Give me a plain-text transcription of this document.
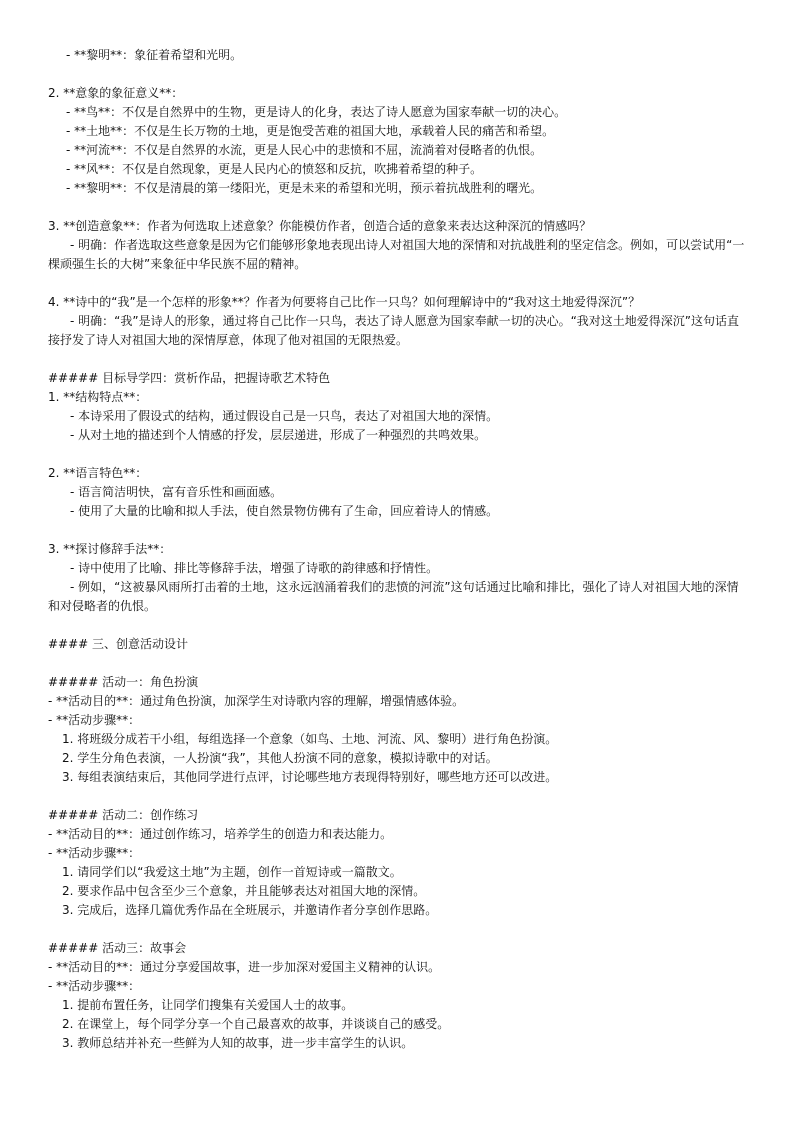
- **黎明**：象征着希望和光明。
2. **意象的象征意义**：
- **鸟**：不仅是自然界中的生物，更是诗人的化身，表达了诗人愿意为国家奉献一切的决心。
- **土地**：不仅是生长万物的土地，更是饱受苦难的祖国大地，承载着人民的痛苦和希望。
- **河流**：不仅是自然界的水流，更是人民心中的悲愤和不屈，流淌着对侵略者的仇恨。
- **风**：不仅是自然现象，更是人民内心的愤怒和反抗，吹拂着希望的种子。
- **黎明**：不仅是清晨的第一缕阳光，更是未来的希望和光明，预示着抗战胜利的曙光。
3. **创造意象**：作者为何选取上述意象？你能模仿作者，创造合适的意象来表达这种深沉的情感吗？
- 明确：作者选取这些意象是因为它们能够形象地表现出诗人对祖国大地的深情和对抗战胜利的坚定信念。例如，可以尝试用“一棵顽强生长的大树”来象征中华民族不屈的精神。
4. **诗中的“我”是一个怎样的形象**？作者为何要将自己比作一只鸟？如何理解诗中的“我对这土地爱得深沉”？
- 明确：“我”是诗人的形象，通过将自己比作一只鸟，表达了诗人愿意为国家奉献一切的决心。“我对这土地爱得深沉”这句话直接抒发了诗人对祖国大地的深情厚意，体现了他对祖国的无限热爱。
##### 目标导学四：赏析作品，把握诗歌艺术特色
1. **结构特点**：
- 本诗采用了假设式的结构，通过假设自己是一只鸟，表达了对祖国大地的深情。
- 从对土地的描述到个人情感的抒发，层层递进，形成了一种强烈的共鸣效果。
2. **语言特色**：
- 语言简洁明快，富有音乐性和画面感。
- 使用了大量的比喻和拟人手法，使自然景物仿佛有了生命，回应着诗人的情感。
3. **探讨修辞手法**：
- 诗中使用了比喻、排比等修辞手法，增强了诗歌的韵律感和抒情性。
- 例如，“这被暴风雨所打击着的土地，这永远汹涌着我们的悲愤的河流”这句话通过比喻和排比，强化了诗人对祖国大地的深情和对侵略者的仇恨。
#### 三、创意活动设计
##### 活动一：角色扮演
- **活动目的**：通过角色扮演，加深学生对诗歌内容的理解，增强情感体验。
- **活动步骤**：
1. 将班级分成若干小组，每组选择一个意象（如鸟、土地、河流、风、黎明）进行角色扮演。
2. 学生分角色表演，一人扮演“我”，其他人扮演不同的意象，模拟诗歌中的对话。
3. 每组表演结束后，其他同学进行点评，讨论哪些地方表现得特别好，哪些地方还可以改进。
##### 活动二：创作练习
- **活动目的**：通过创作练习，培养学生的创造力和表达能力。
- **活动步骤**：
1. 请同学们以“我爱这土地”为主题，创作一首短诗或一篇散文。
2. 要求作品中包含至少三个意象，并且能够表达对祖国大地的深情。
3. 完成后，选择几篇优秀作品在全班展示，并邀请作者分享创作思路。
##### 活动三：故事会
- **活动目的**：通过分享爱国故事，进一步加深对爱国主义精神的认识。
- **活动步骤**：
1. 提前布置任务，让同学们搜集有关爱国人士的故事。
2. 在课堂上，每个同学分享一个自己最喜欢的故事，并谈谈自己的感受。
3. 教师总结并补充一些鲜为人知的故事，进一步丰富学生的认识。
